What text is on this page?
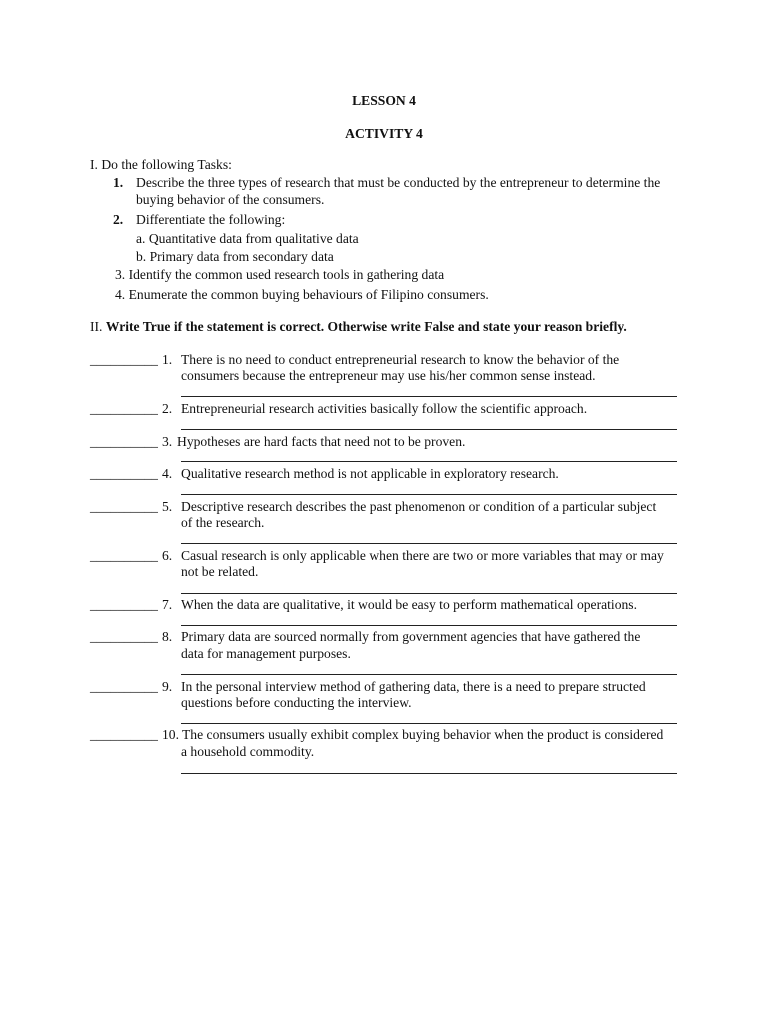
LESSON 4
ACTIVITY 4
I. Do the following Tasks:
1. Describe the three types of research that must be conducted by the entrepreneur to determine the
buying behavior of the consumers.
2. Differentiate the following:
a. Quantitative data from qualitative data
b. Primary data from secondary data
3. Identify the common used research tools in gathering data
4. Enumerate the common buying behaviours of Filipino consumers.
II. Write True if the statement is correct. Otherwise write False and state your reason briefly.
__________ 1. There is no need to conduct entrepreneurial research to know the behavior of the
consumers because the entrepreneur may use his/her common sense instead.
__________ 2. Entrepreneurial research activities basically follow the scientific approach.
__________ 3. Hypotheses are hard facts that need not to be proven.
__________ 4. Qualitative research method is not applicable in exploratory research.
__________ 5. Descriptive research describes the past phenomenon or condition of a particular subject
of the research.
__________ 6. Casual research is only applicable when there are two or more variables that may or may
not be related.
__________ 7. When the data are qualitative, it would be easy to perform mathematical operations.
__________ 8. Primary data are sourced normally from government agencies that have gathered the
data for management purposes.
__________ 9. In the personal interview method of gathering data, there is a need to prepare structed
questions before conducting the interview.
__________ 10. The consumers usually exhibit complex buying behavior when the product is considered
a household commodity.
